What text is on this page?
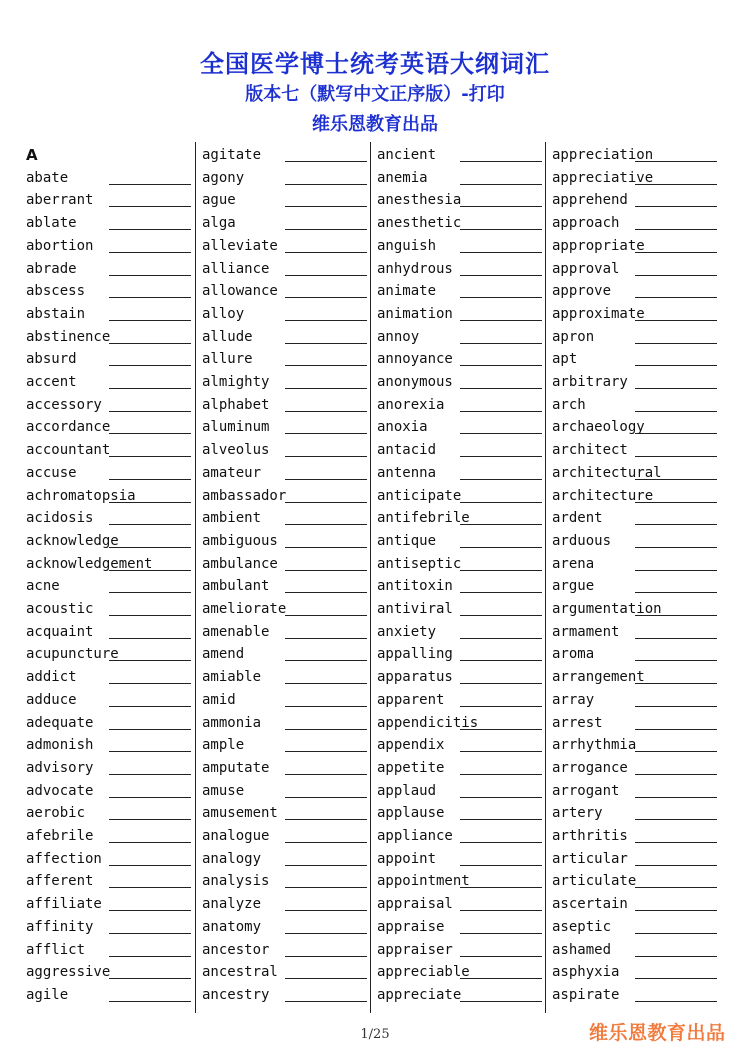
全国医学博士统考英语大纲词汇
版本七（默写中文正序版）-打印
维乐恩教育出品
A
abate
aberrant
ablate
abortion
abrade
abscess
abstain
abstinence
absurd
accent
accessory
accordance
accountant
accuse
achromatopsia
acidosis
acknowledge
acknowledgement
acne
acoustic
acquaint
acupuncture
addict
adduce
adequate
admonish
advisory
advocate
aerobic
afebrile
affection
afferent
affiliate
affinity
afflict
aggressive
agile
agitate
agony
ague
alga
alleviate
alliance
allowance
alloy
allude
allure
almighty
alphabet
aluminum
alveolus
amateur
ambassador
ambient
ambiguous
ambulance
ambulant
ameliorate
amenable
amend
amiable
amid
ammonia
ample
amputate
amuse
amusement
analogue
analogy
analysis
analyze
anatomy
ancestor
ancestral
ancestry
ancient
anemia
anesthesia
anesthetic
anguish
anhydrous
animate
animation
annoy
annoyance
anonymous
anorexia
anoxia
antacid
antenna
anticipate
antifebrile
antique
antiseptic
antitoxin
antiviral
anxiety
appalling
apparatus
apparent
appendicitis
appendix
appetite
applaud
applause
appliance
appoint
appointment
appraisal
appraise
appraiser
appreciable
appreciate
appreciation
appreciative
apprehend
approach
appropriate
approval
approve
approximate
apron
apt
arbitrary
arch
archaeology
architect
architectural
architecture
ardent
arduous
arena
argue
argumentation
armament
aroma
arrangement
array
arrest
arrhythmia
arrogance
arrogant
artery
arthritis
articular
articulate
ascertain
aseptic
ashamed
asphyxia
aspirate
1/25	维乐恩教育出品
